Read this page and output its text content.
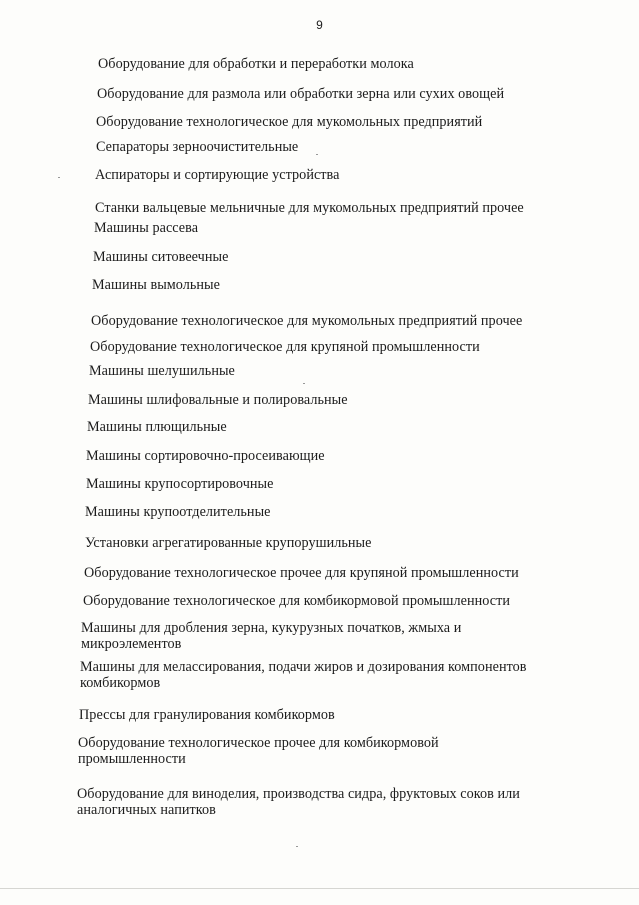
9
Оборудование для обработки и переработки молока
Оборудование для размола или обработки зерна или сухих овощей
Оборудование технологическое для мукомольных предприятий
Сепараторы зерноочистительные
Аспираторы и сортирующие устройства
Станки вальцевые мельничные для мукомольных предприятий прочее
Машины рассева
Машины ситовеечные
Машины вымольные
Оборудование технологическое для мукомольных предприятий прочее
Оборудование технологическое для крупяной промышленности
Машины шелушильные
Машины шлифовальные и полировальные
Машины плющильные
Машины сортировочно-просеивающие
Машины крупосортировочные
Машины крупоотделительные
Установки агрегатированные крупорушильные
Оборудование технологическое прочее для крупяной промышленности
Оборудование технологическое для комбикормовой промышленности
Машины для дробления зерна, кукурузных початков, жмыха и
микроэлементов
Машины для мелассирования, подачи жиров и дозирования компонентов
комбикормов
Прессы для гранулирования комбикормов
Оборудование технологическое прочее для комбикормовой
промышленности
Оборудование для виноделия, производства сидра, фруктовых соков или
аналогичных напитков
